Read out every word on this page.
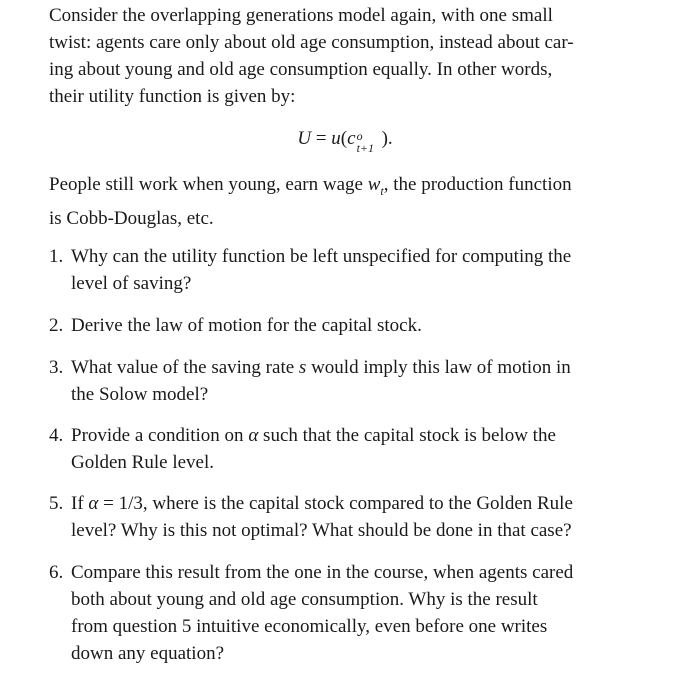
Consider the overlapping generations model again, with one small
twist: agents care only about old age consumption, instead about car-
ing about young and old age consumption equally. In other words,
their utility function is given by:
U = u(c o
t+1 ).
People still work when young, earn wage $w_t$, the production function
is Cobb-Douglas, etc.
1. Why can the utility function be left unspecified for computing the
level of saving?
2. Derive the law of motion for the capital stock.
3. What value of the saving rate s would imply this law of motion in
the Solow model?
4. Provide a condition on α such that the capital stock is below the
Golden Rule level.
5. If α = 1/3, where is the capital stock compared to the Golden Rule
level? Why is this not optimal? What should be done in that case?
6. Compare this result from the one in the course, when agents cared
both about young and old age consumption. Why is the result
from question 5 intuitive economically, even before one writes
down any equation?
